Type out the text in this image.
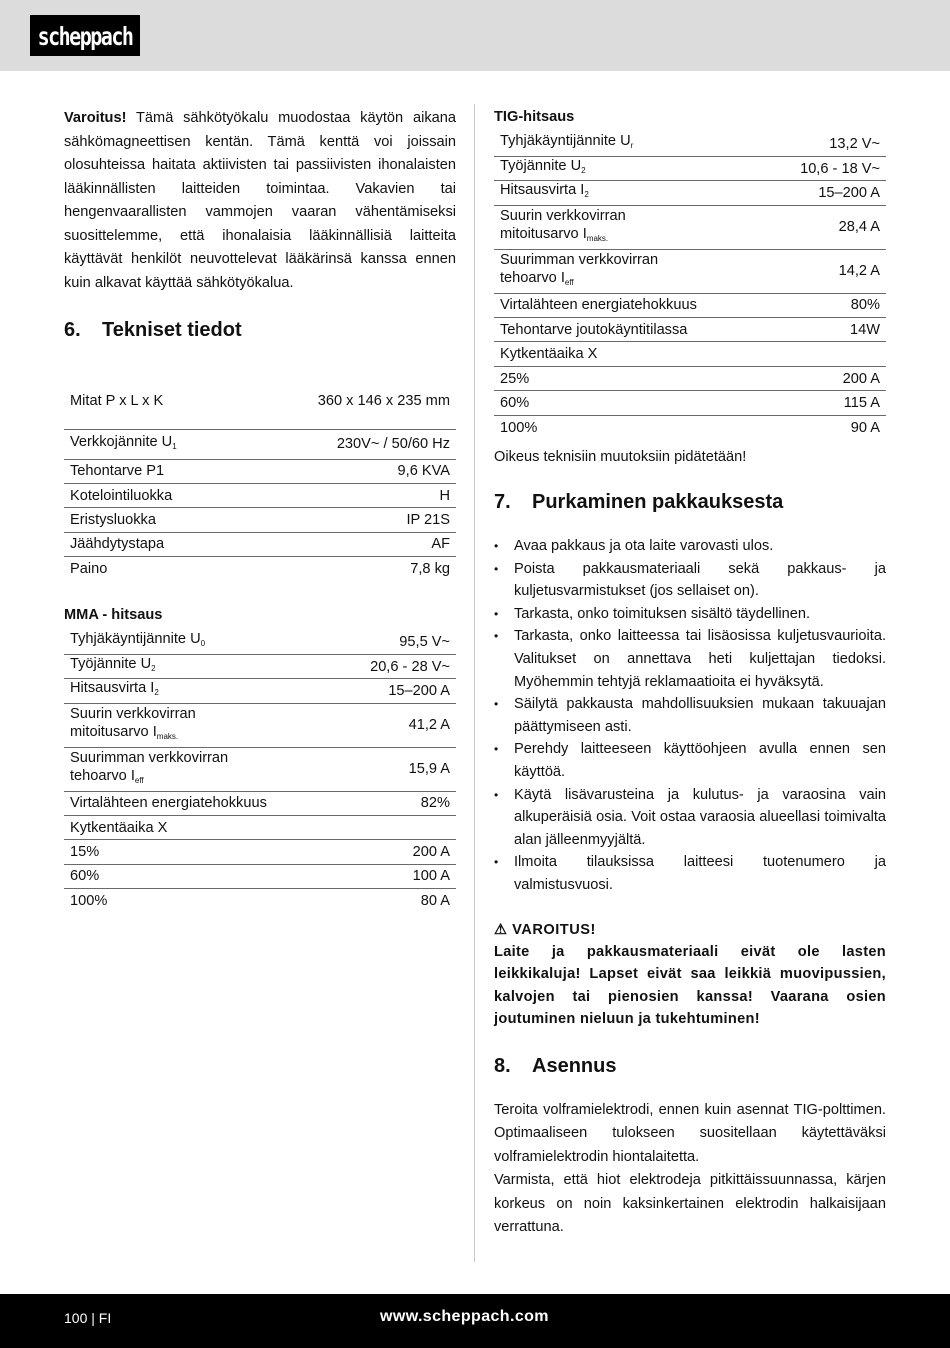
scheppach

Varoitus! Tämä sähkötyökalu muodostaa käytön aikana sähkömagneettisen kentän. Tämä kenttä voi joissain olosuhteissa haitata aktiivisten tai passiivisten ihonalaisten lääkinnällisten laitteiden toimintaa. Vakavien tai hengenvaarallisten vammojen vaaran vähentämiseksi suosittelemme, että ihonalaisia lääkinnällisiä laitteita käyttävät henkilöt neuvottelevat lääkärinsä kanssa ennen kuin alkavat käyttää sähkötyökalua.

6.	Tekniset tiedot
Mitat P x L x K	360 x 146 x 235 mm
Verkkojännite $U_1$	230V~ / 50/60 Hz
Tehontarve P1	9,6 KVA
Kotelointiluokka	H
Eristysluokka	IP 21S
Jäähdytystapa	AF
Paino	7,8 kg
MMA - hitsaus
Tyhjäkäyntijännite $U_0$	95,5 V~
Työjännite $U_2$	20,6 - 28 V~
Hitsausvirta $I_2$	15–200 A

Suurin verkkovirran
mitoitusarvo $I_{maks.}$	41,2 A

Suurimman verkkovirran
tehoarvo $I_{eff}$	15,9 A
Virtalähteen energiatehokkuus	82%
Kytkentäaika X	
15%	200 A
60%	100 A
100%	80 A
TIG-hitsaus
Tyhjäkäyntijännite $U_r$	13,2 V~
Työjännite $U_2$	10,6 - 18 V~
Hitsausvirta $I_2$	15–200 A

Suurin verkkovirran
mitoitusarvo $I_{maks.}$	28,4 A

Suurimman verkkovirran
tehoarvo $I_{eff}$	14,2 A
Virtalähteen energiatehokkuus	80%
Tehontarve joutokäyntitilassa	14W
Kytkentäaika X	
25%	200 A
60%	115 A
100%	90 A

Oikeus teknisiin muutoksiin pidätetään!

7.	Purkaminen pakkauksesta
• Avaa pakkaus ja ota laite varovasti ulos.
• Poista pakkausmateriaali sekä pakkaus- ja kuljetusvarmistukset (jos sellaiset on).
• Tarkasta, onko toimituksen sisältö täydellinen.
• Tarkasta, onko laitteessa tai lisäosissa kuljetusvaurioita. Valitukset on annettava heti kuljettajan tiedoksi. Myöhemmin tehtyjä reklamaatioita ei hyväksytä.
• Säilytä pakkausta mahdollisuuksien mukaan takuuajan päättymiseen asti.
• Perehdy laitteeseen käyttöohjeen avulla ennen sen käyttöä.
• Käytä lisävarusteina ja kulutus- ja varaosina vain alkuperäisiä osia. Voit ostaa varaosia alueellasi toimivalta alan jälleenmyyjältä.
• Ilmoita tilauksissa laitteesi tuotenumero ja valmistusvuosi.
⚠ VAROITUS!

Laite ja pakkausmateriaali eivät ole lasten leikkikaluja! Lapset eivät saa leikkiä muovipussien, kalvojen tai pienosien kanssa! Vaarana osien joutuminen nieluun ja tukehtuminen!

8.	Asennus

Teroita volframielektrodi, ennen kuin asennat TIG-polttimen. Optimaaliseen tulokseen suositellaan käytettäväksi volframielektrodin hiontalaitetta.

Varmista, että hiot elektrodeja pitkittäissuunnassa, kärjen korkeus on noin kaksinkertainen elektrodin halkaisijaan verrattuna.

100 | FI	www.scheppach.com
